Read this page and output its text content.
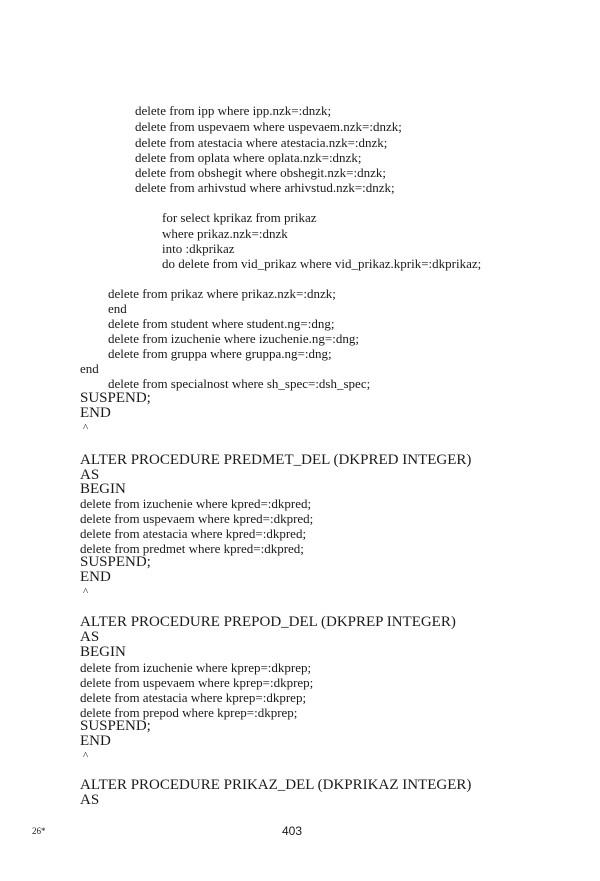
delete from ipp where ipp.nzk=:dnzk;
delete from uspevaem where uspevaem.nzk=:dnzk;
delete from atestacia where atestacia.nzk=:dnzk;
delete from oplata where oplata.nzk=:dnzk;
delete from obshegit where obshegit.nzk=:dnzk;
delete from arhivstud where arhivstud.nzk=:dnzk;
for select kprikaz from prikaz
where prikaz.nzk=:dnzk
into :dkprikaz
do delete from vid_prikaz where vid_prikaz.kprik=:dkprikaz;
delete from prikaz where prikaz.nzk=:dnzk;
end
delete from student where student.ng=:dng;
delete from izuchenie where izuchenie.ng=:dng;
delete from gruppa where gruppa.ng=:dng;
end
delete from specialnost where sh_spec=:dsh_spec;
SUSPEND;
END
^
ALTER PROCEDURE PREDMET_DEL (DKPRED INTEGER)
AS
BEGIN
delete from izuchenie where kpred=:dkpred;
delete from uspevaem where kpred=:dkpred;
delete from atestacia where kpred=:dkpred;
delete from predmet where kpred=:dkpred;
SUSPEND;
END
^
ALTER PROCEDURE PREPOD_DEL (DKPREP INTEGER)
AS
BEGIN
delete from izuchenie where kprep=:dkprep;
delete from uspevaem where kprep=:dkprep;
delete from atestacia where kprep=:dkprep;
delete from prepod where kprep=:dkprep;
SUSPEND;
END
^
ALTER PROCEDURE PRIKAZ_DEL (DKPRIKAZ INTEGER)
AS
26*	403
